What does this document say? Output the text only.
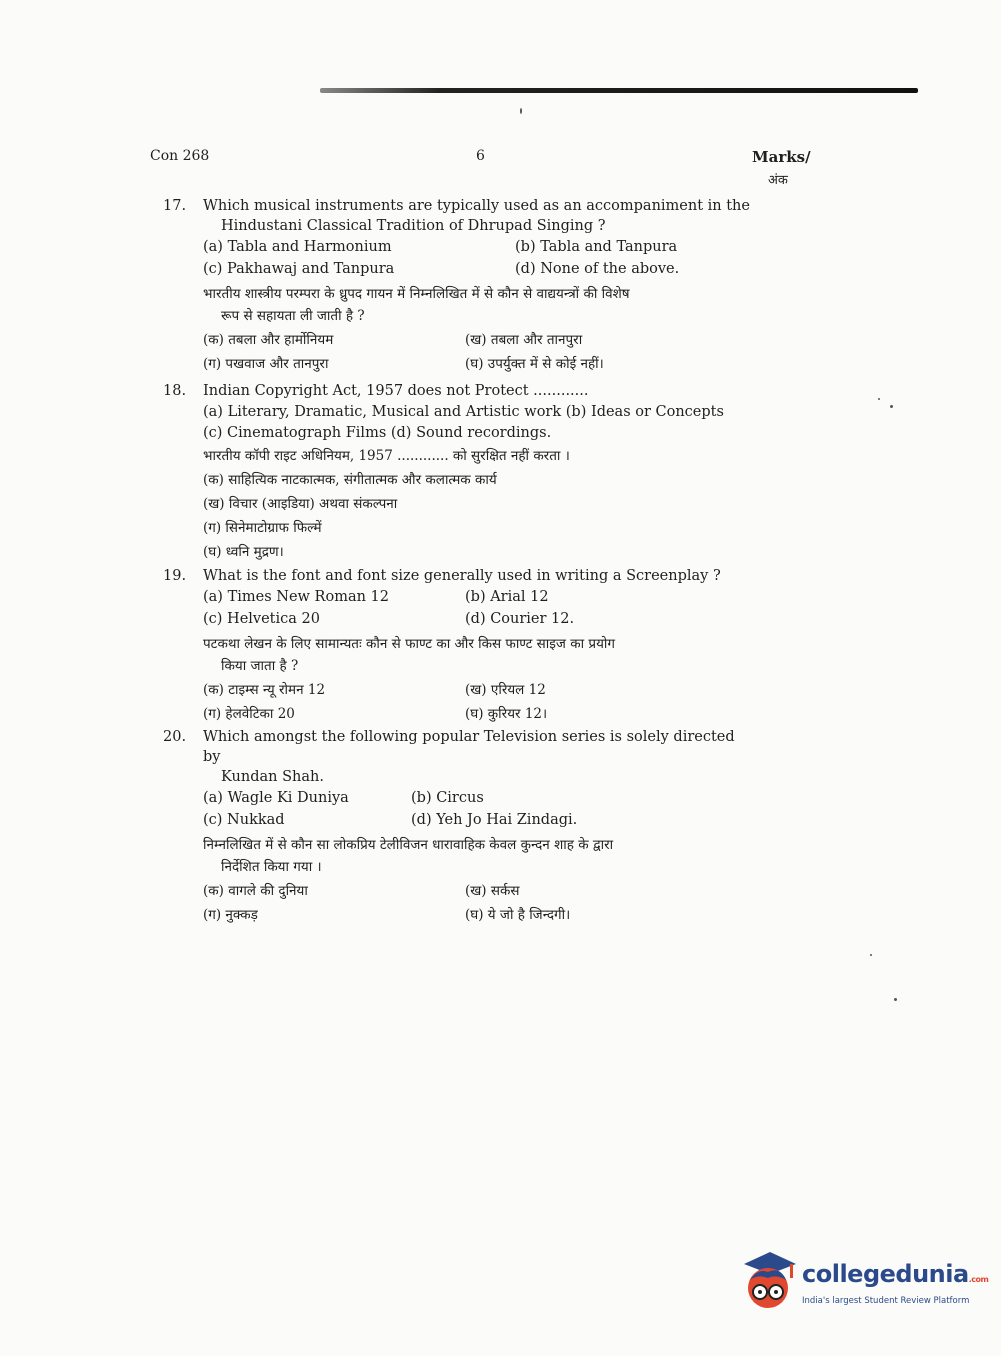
Con 268	6	Marks/
अंक
17. Which musical instruments are typically used as an accompaniment in the
Hindustani Classical Tradition of Dhrupad Singing ?
(a) Tabla and Harmonium	(b) Tabla and Tanpura
(c) Pakhawaj and Tanpura	(d) None of the above.
भारतीय शास्त्रीय परम्परा के ध्रुपद गायन में निम्नलिखित में से कौन से वाद्ययन्त्रों की विशेष
रूप से सहायता ली जाती है ?
(क) तबला और हार्मोनियम	(ख) तबला और तानपुरा
(ग) पखवाज और तानपुरा	(घ) उपर्युक्त में से कोई नहीं।
18. Indian Copyright Act, 1957 does not Protect ............
(a) Literary, Dramatic, Musical and Artistic work (b) Ideas or Concepts
(c) Cinematograph Films (d) Sound recordings.
भारतीय कॉपी राइट अधिनियम, 1957 ............ को सुरक्षित नहीं करता ।
(क) साहित्यिक नाटकात्मक, संगीतात्मक और कलात्मक कार्य
(ख) विचार (आइडिया) अथवा संकल्पना
(ग) सिनेमाटोग्राफ फिल्में
(घ) ध्वनि मुद्रण।
19. What is the font and font size generally used in writing a Screenplay ?
(a) Times New Roman 12	(b) Arial 12
(c) Helvetica 20	(d) Courier 12.
पटकथा लेखन के लिए सामान्यतः कौन से फाण्ट का और किस फाण्ट साइज का प्रयोग
किया जाता है ?
(क) टाइम्स न्यू रोमन 12	(ख) एरियल 12
(ग) हेलवेटिका 20	(घ) कुरियर 12।
20. Which amongst the following popular Television series is solely directed by
Kundan Shah.
(a) Wagle Ki Duniya	(b) Circus
(c) Nukkad	(d) Yeh Jo Hai Zindagi.
निम्नलिखित में से कौन सा लोकप्रिय टेलीविजन धारावाहिक केवल कुन्दन शाह के द्वारा
निर्देशित किया गया ।
(क) वागले की दुनिया	(ख) सर्कस
(ग) नुक्कड़	(घ) ये जो है जिन्दगी।
collegedunia.com
India's largest Student Review Platform
